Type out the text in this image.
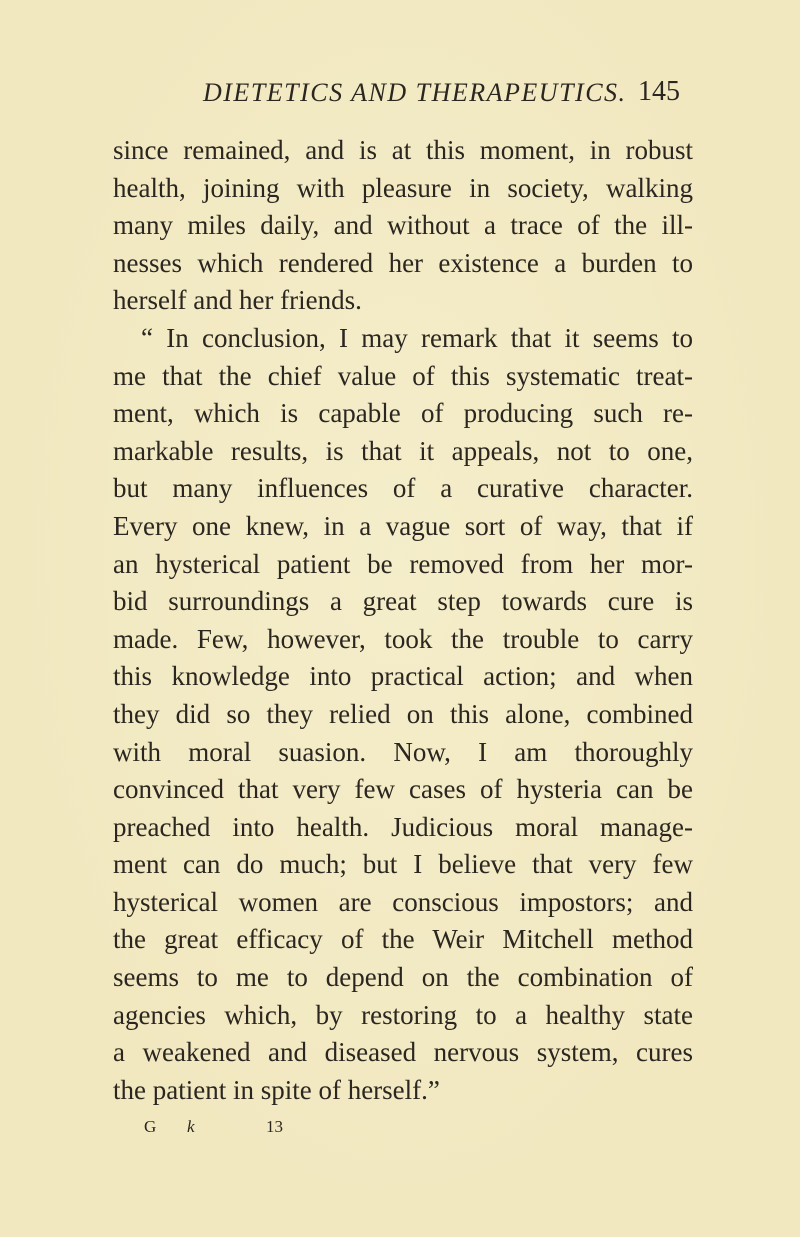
DIETETICS AND THERAPEUTICS. 145
since remained, and is at this moment, in robust
health, joining with pleasure in society, walking
many miles daily, and without a trace of the ill-
nesses which rendered her existence a burden to
herself and her friends.
“ In conclusion, I may remark that it seems to
me that the chief value of this systematic treat-
ment, which is capable of producing such re-
markable results, is that it appeals, not to one,
but many influences of a curative character.
Every one knew, in a vague sort of way, that if
an hysterical patient be removed from her mor-
bid surroundings a great step towards cure is
made. Few, however, took the trouble to carry
this knowledge into practical action; and when
they did so they relied on this alone, combined
with moral suasion. Now, I am thoroughly
convinced that very few cases of hysteria can be
preached into health. Judicious moral manage-
ment can do much; but I believe that very few
hysterical women are conscious impostors; and
the great efficacy of the Weir Mitchell method
seems to me to depend on the combination of
agencies which, by restoring to a healthy state
a weakened and diseased nervous system, cures
the patient in spite of herself.”
G k	13
